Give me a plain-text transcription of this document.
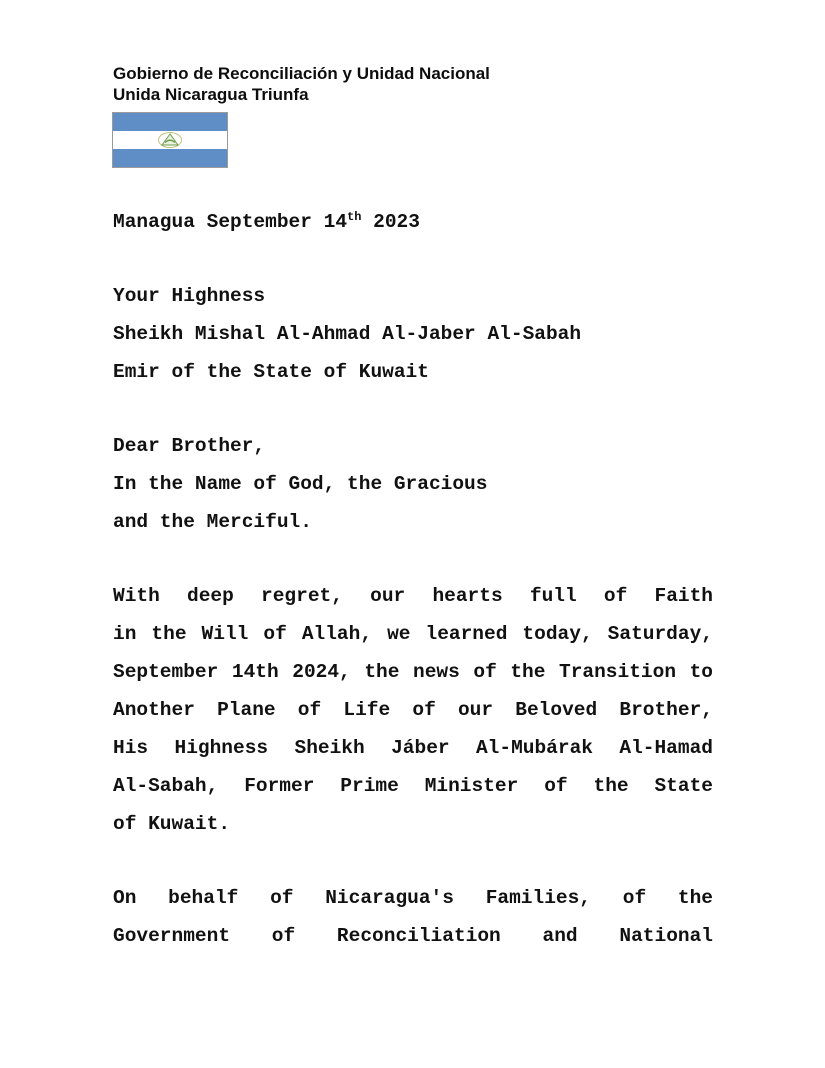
Gobierno de Reconciliación y Unidad Nacional
Unida Nicaragua Triunfa
Managua September 14th 2023
Your Highness
Sheikh Mishal Al-Ahmad Al-Jaber Al-Sabah
Emir of the State of Kuwait
Dear Brother,
In the Name of God, the Gracious
and the Merciful.
With deep regret, our hearts full of Faith
in the Will of Allah, we learned today, Saturday,
September 14th 2024, the news of the Transition to
Another Plane of Life of our Beloved Brother,
His Highness Sheikh Jáber Al-Mubárak Al-Hamad
Al-Sabah, Former Prime Minister of the State
of Kuwait.
On behalf of Nicaragua's Families, of the
Government of Reconciliation and National
